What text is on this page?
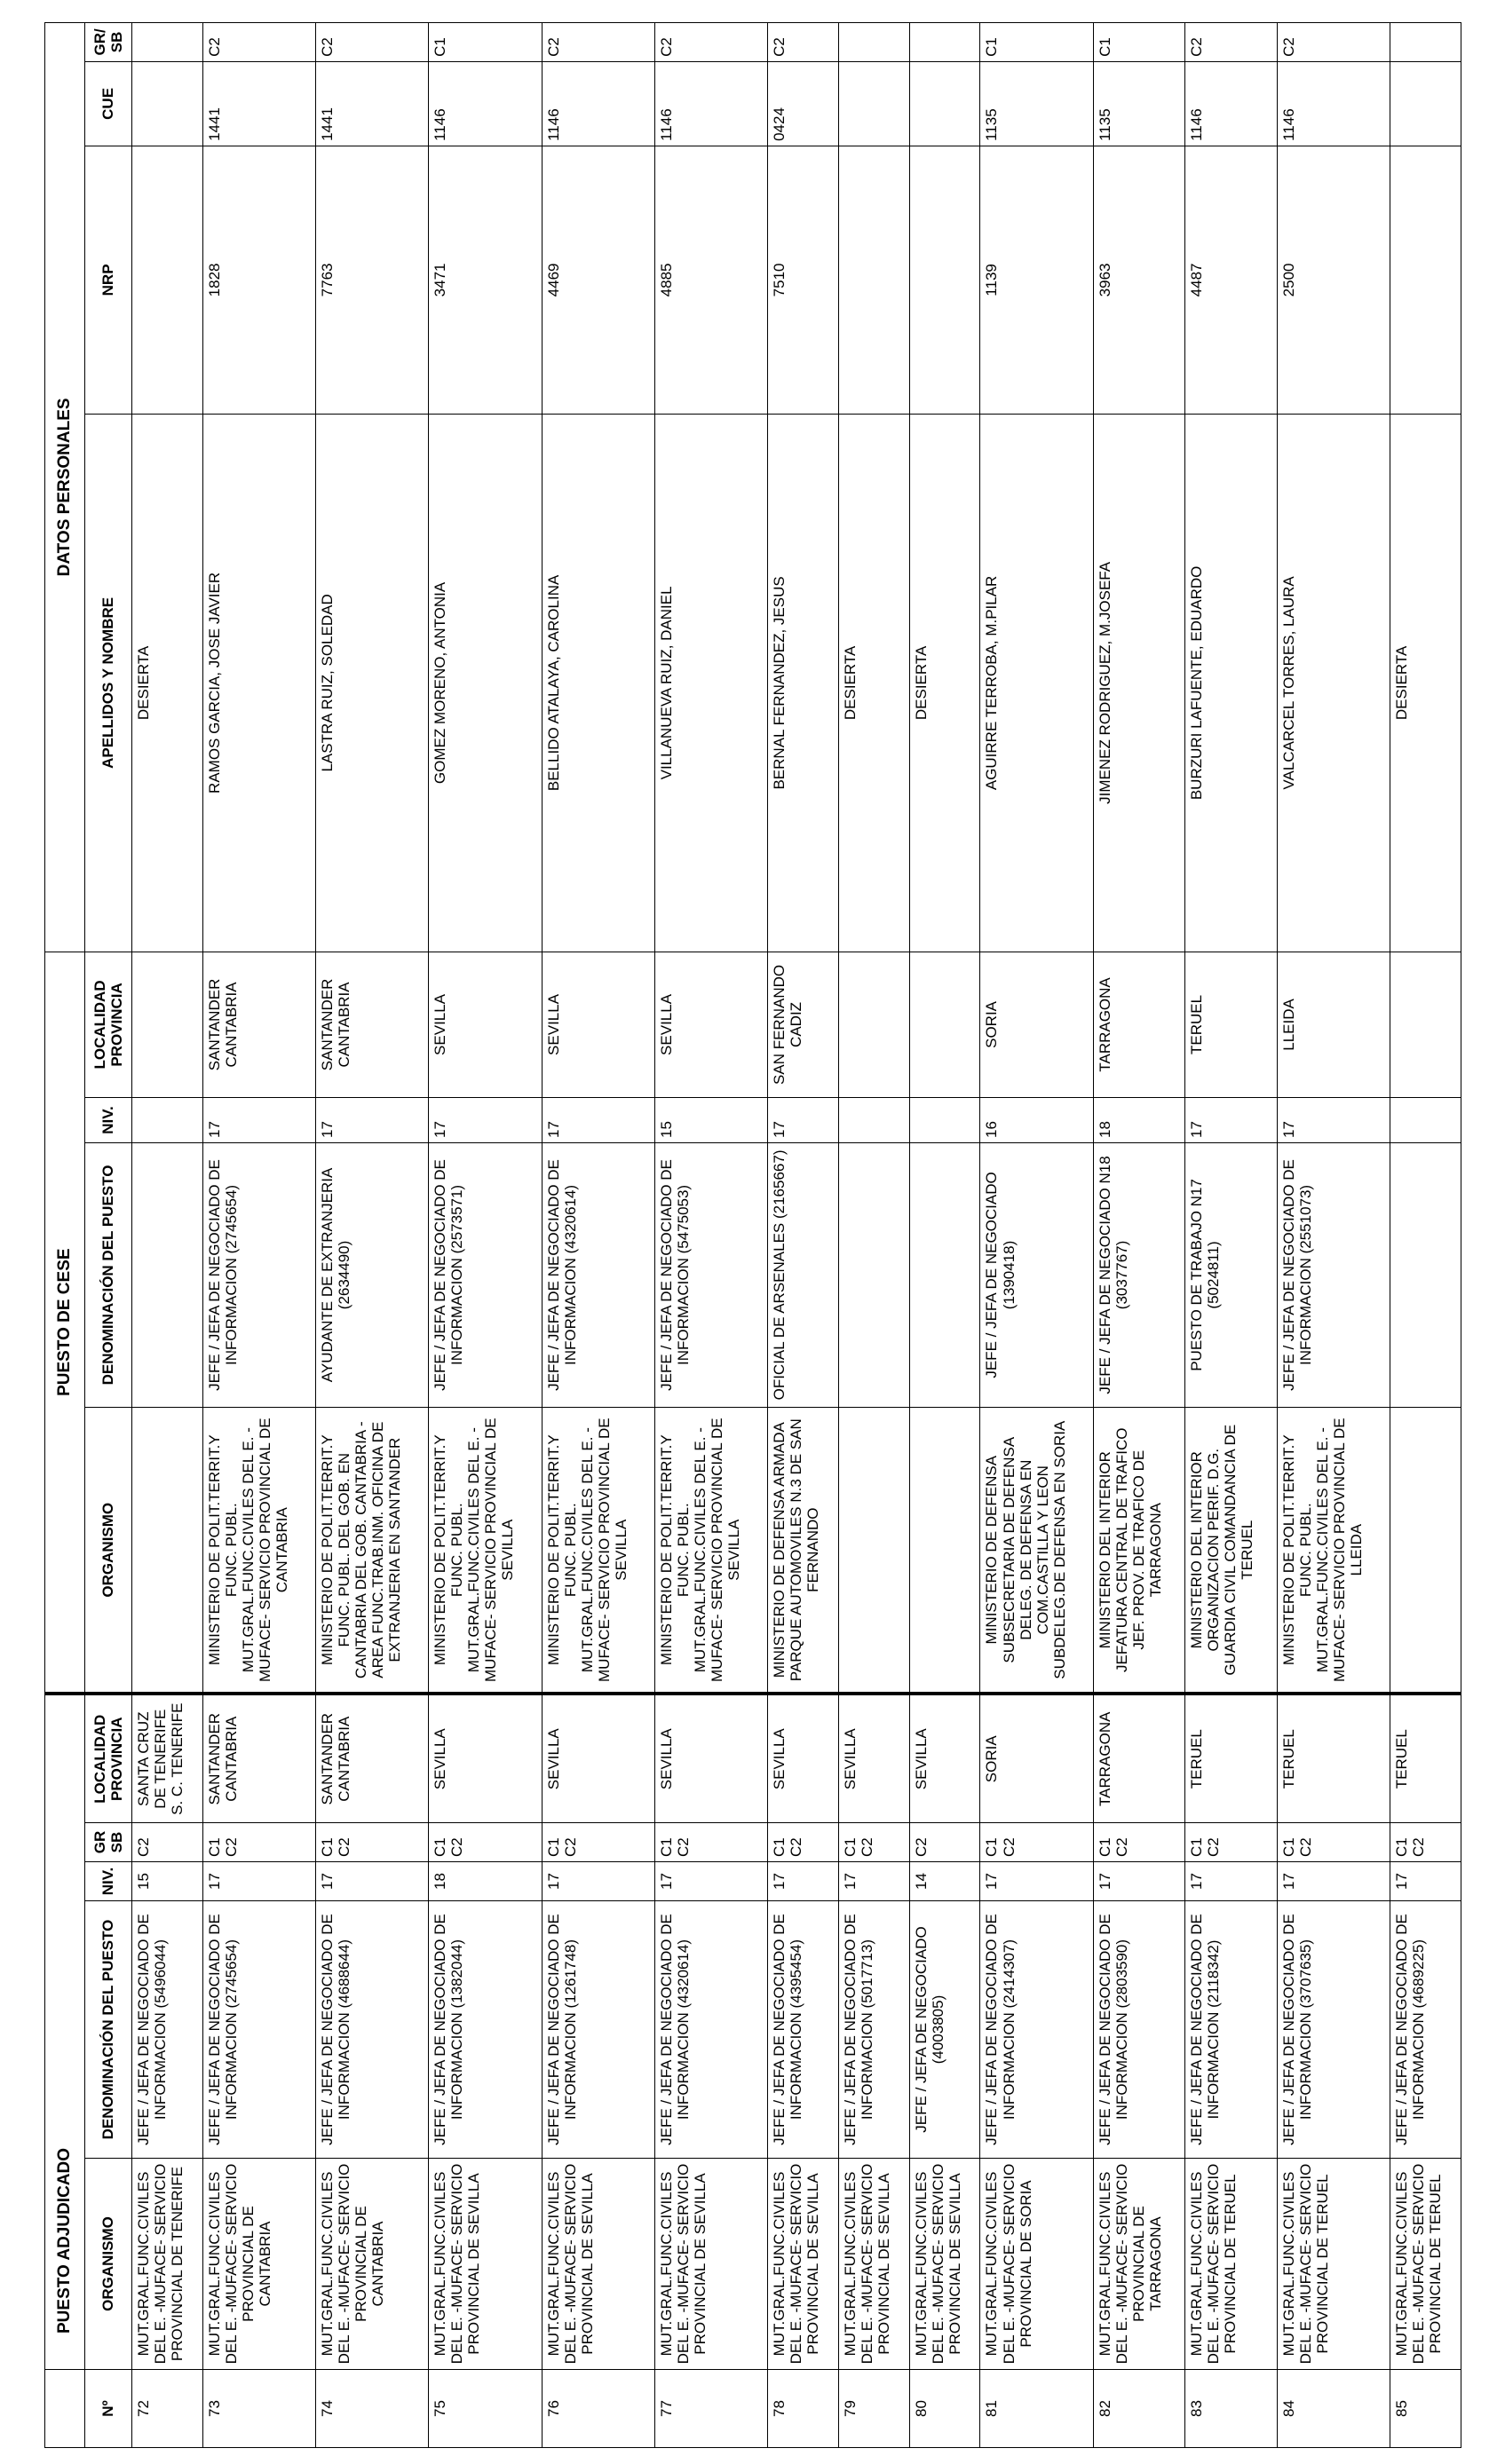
	PUESTO ADJUDICADO					PUESTO DE CESE				DATOS PERSONALES			
Nº	ORGANISMO	DENOMINACIÓN DEL PUESTO	NIV.	GR SB	LOCALIDAD PROVINCIA	ORGANISMO	DENOMINACIÓN DEL PUESTO	NIV.	LOCALIDAD PROVINCIA	APELLIDOS Y NOMBRE	NRP	CUE	GR/ SB
72	MUT.GRAL.FUNC.CIVILES DEL E. -MUFACE- SERVICIO PROVINCIAL DE TENERIFE	JEFE / JEFA DE NEGOCIADO DE INFORMACION (5496044)	15	C2	SANTA CRUZ DE TENERIFE S. C. TENERIFE					DESIERTA			
73	MUT.GRAL.FUNC.CIVILES DEL E. -MUFACE- SERVICIO PROVINCIAL DE CANTABRIA	JEFE / JEFA DE NEGOCIADO DE INFORMACION (2745654)	17	C1 C2	SANTANDER CANTABRIA	MINISTERIO DE POLIT.TERRIT.Y FUNC. PUBL. MUT.GRAL.FUNC.CIVILES DEL E. -MUFACE- SERVICIO PROVINCIAL DE CANTABRIA	JEFE / JEFA DE NEGOCIADO DE INFORMACION (2745654)	17	SANTANDER CANTABRIA	RAMOS GARCIA, JOSE JAVIER	1828	1441	C2
74	MUT.GRAL.FUNC.CIVILES DEL E. -MUFACE- SERVICIO PROVINCIAL DE CANTABRIA	JEFE / JEFA DE NEGOCIADO DE INFORMACION (4688644)	17	C1 C2	SANTANDER CANTABRIA	MINISTERIO DE POLIT.TERRIT.Y FUNC. PUBL. DEL GOB. EN CANTABRIA DEL GOB. CANTABRIA - AREA FUNC.TRAB.INM. OFICINA DE EXTRANJERIA EN SANTANDER	AYUDANTE DE EXTRANJERIA (2634490)	17	SANTANDER CANTABRIA	LASTRA RUIZ, SOLEDAD	7763	1441	C2
75	MUT.GRAL.FUNC.CIVILES DEL E. -MUFACE- SERVICIO PROVINCIAL DE SEVILLA	JEFE / JEFA DE NEGOCIADO DE INFORMACION (1382044)	18	C1 C2	SEVILLA	MINISTERIO DE POLIT.TERRIT.Y FUNC. PUBL. MUT.GRAL.FUNC.CIVILES DEL E. -MUFACE- SERVICIO PROVINCIAL DE SEVILLA	JEFE / JEFA DE NEGOCIADO DE INFORMACION (2573571)	17	SEVILLA	GOMEZ MORENO, ANTONIA	3471	1146	C1
76	MUT.GRAL.FUNC.CIVILES DEL E. -MUFACE- SERVICIO PROVINCIAL DE SEVILLA	JEFE / JEFA DE NEGOCIADO DE INFORMACION (1261748)	17	C1 C2	SEVILLA	MINISTERIO DE POLIT.TERRIT.Y FUNC. PUBL. MUT.GRAL.FUNC.CIVILES DEL E. -MUFACE- SERVICIO PROVINCIAL DE SEVILLA	JEFE / JEFA DE NEGOCIADO DE INFORMACION (4320614)	17	SEVILLA	BELLIDO ATALAYA, CAROLINA	4469	1146	C2
77	MUT.GRAL.FUNC.CIVILES DEL E. -MUFACE- SERVICIO PROVINCIAL DE SEVILLA	JEFE / JEFA DE NEGOCIADO DE INFORMACION (4320614)	17	C1 C2	SEVILLA	MINISTERIO DE POLIT.TERRIT.Y FUNC. PUBL. MUT.GRAL.FUNC.CIVILES DEL E. -MUFACE- SERVICIO PROVINCIAL DE SEVILLA	JEFE / JEFA DE NEGOCIADO DE INFORMACION (5475053)	15	SEVILLA	VILLANUEVA RUIZ, DANIEL	4885	1146	C2
78	MUT.GRAL.FUNC.CIVILES DEL E. -MUFACE- SERVICIO PROVINCIAL DE SEVILLA	JEFE / JEFA DE NEGOCIADO DE INFORMACION (4395454)	17	C1 C2	SEVILLA	MINISTERIO DE DEFENSA ARMADA PARQUE AUTOMOVILES N.3 DE SAN FERNANDO	OFICIAL DE ARSENALES (2165667)	17	SAN FERNANDO CADIZ	BERNAL FERNANDEZ, JESUS	7510	0424	C2
79	MUT.GRAL.FUNC.CIVILES DEL E. -MUFACE- SERVICIO PROVINCIAL DE SEVILLA	JEFE / JEFA DE NEGOCIADO DE INFORMACION (5017713)	17	C1 C2	SEVILLA					DESIERTA			
80	MUT.GRAL.FUNC.CIVILES DEL E. -MUFACE- SERVICIO PROVINCIAL DE SEVILLA	JEFE / JEFA DE NEGOCIADO (4003805)	14	C2	SEVILLA					DESIERTA			
81	MUT.GRAL.FUNC.CIVILES DEL E. -MUFACE- SERVICIO PROVINCIAL DE SORIA	JEFE / JEFA DE NEGOCIADO DE INFORMACION (2414307)	17	C1 C2	SORIA	MINISTERIO DE DEFENSA SUBSECRETARIA DE DEFENSA DELEG. DE DEFENSA EN COM.CASTILLA Y LEON SUBDELEG.DE DEFENSA EN SORIA	JEFE / JEFA DE NEGOCIADO (1390418)	16	SORIA	AGUIRRE TERROBA, M.PILAR	1139	1135	C1
82	MUT.GRAL.FUNC.CIVILES DEL E. -MUFACE- SERVICIO PROVINCIAL DE TARRAGONA	JEFE / JEFA DE NEGOCIADO DE INFORMACION (2803590)	17	C1 C2	TARRAGONA	MINISTERIO DEL INTERIOR JEFATURA CENTRAL DE TRAFICO JEF. PROV. DE TRAFICO DE TARRAGONA	JEFE / JEFA DE NEGOCIADO N18 (3037767)	18	TARRAGONA	JIMENEZ RODRIGUEZ, M.JOSEFA	3963	1135	C1
83	MUT.GRAL.FUNC.CIVILES DEL E. -MUFACE- SERVICIO PROVINCIAL DE TERUEL	JEFE / JEFA DE NEGOCIADO DE INFORMACION (2118342)	17	C1 C2	TERUEL	MINISTERIO DEL INTERIOR ORGANIZACION PERIF. D.G. GUARDIA CIVIL COMANDANCIA DE TERUEL	PUESTO DE TRABAJO N17 (5024811)	17	TERUEL	BURZURI LAFUENTE, EDUARDO	4487	1146	C2
84	MUT.GRAL.FUNC.CIVILES DEL E. -MUFACE- SERVICIO PROVINCIAL DE TERUEL	JEFE / JEFA DE NEGOCIADO DE INFORMACION (3707635)	17	C1 C2	TERUEL	MINISTERIO DE POLIT.TERRIT.Y FUNC. PUBL. MUT.GRAL.FUNC.CIVILES DEL E. -MUFACE- SERVICIO PROVINCIAL DE LLEIDA	JEFE / JEFA DE NEGOCIADO DE INFORMACION (2551073)	17	LLEIDA	VALCARCEL TORRES, LAURA	2500	1146	C2
85	MUT.GRAL.FUNC.CIVILES DEL E. -MUFACE- SERVICIO PROVINCIAL DE TERUEL	JEFE / JEFA DE NEGOCIADO DE INFORMACION (4689225)	17	C1 C2	TERUEL					DESIERTA			
